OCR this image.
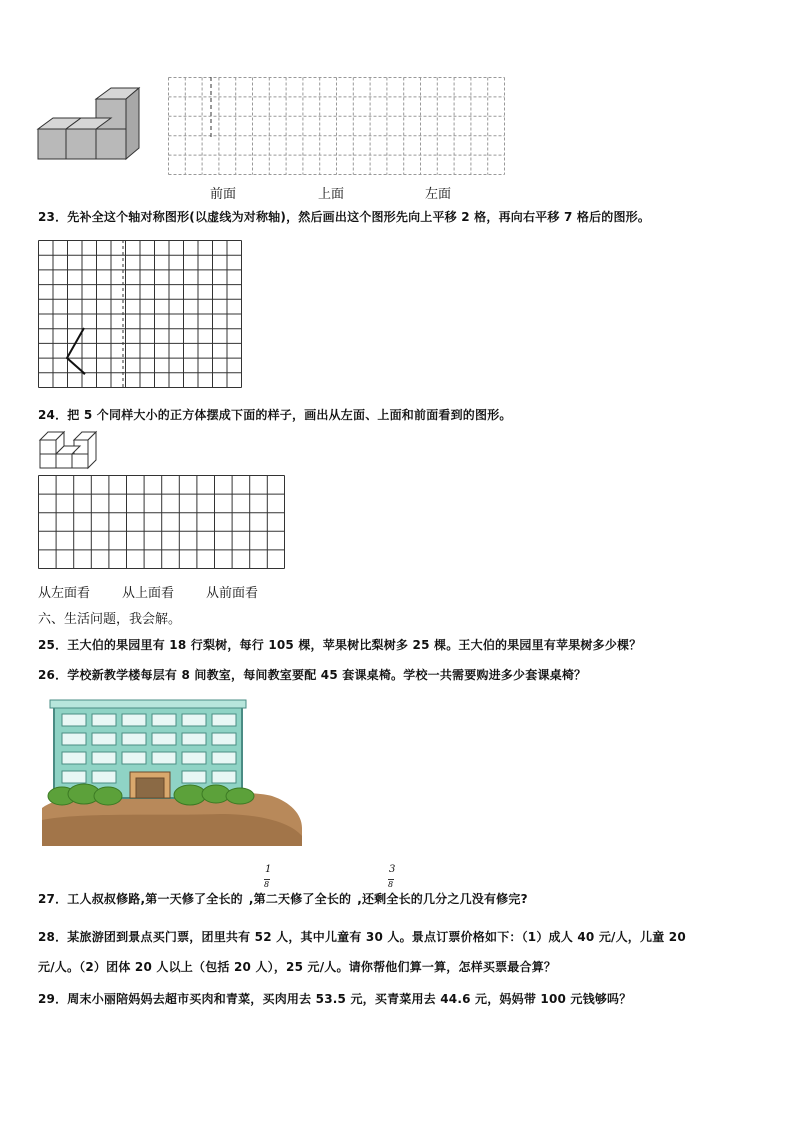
前面	上面	左面
23．先补全这个轴对称图形(以虚线为对称轴)，然后画出这个图形先向上平移 2 格，再向右平移 7 格后的图形。
24．把 5 个同样大小的正方体摆成下面的样子，画出从左面、上面和前面看到的图形。
从左面看 从上面看 从前面看
六、生活问题，我会解。
25．王大伯的果园里有 18 行梨树，每行 105 棵，苹果树比梨树多 25 棵。王大伯的果园里有苹果树多少棵？
26．学校新教学楼每层有 8 间教室，每间教室要配 45 套课桌椅。学校一共需要购进多少套课桌椅？
27．工人叔叔修路,第一天修了全长的 ,第二天修了全长的 ,还剩全长的几分之几没有修完?
1
8
3
8
28．某旅游团到景点买门票，团里共有 52 人，其中儿童有 30 人。景点订票价格如下：（1）成人 40 元/人，儿童 20
元/人。（2）团体 20 人以上（包括 20 人），25 元/人。请你帮他们算一算，怎样买票最合算？
29．周末小丽陪妈妈去超市买肉和青菜，买肉用去 53.5 元，买青菜用去 44.6 元，妈妈带 100 元钱够吗？
